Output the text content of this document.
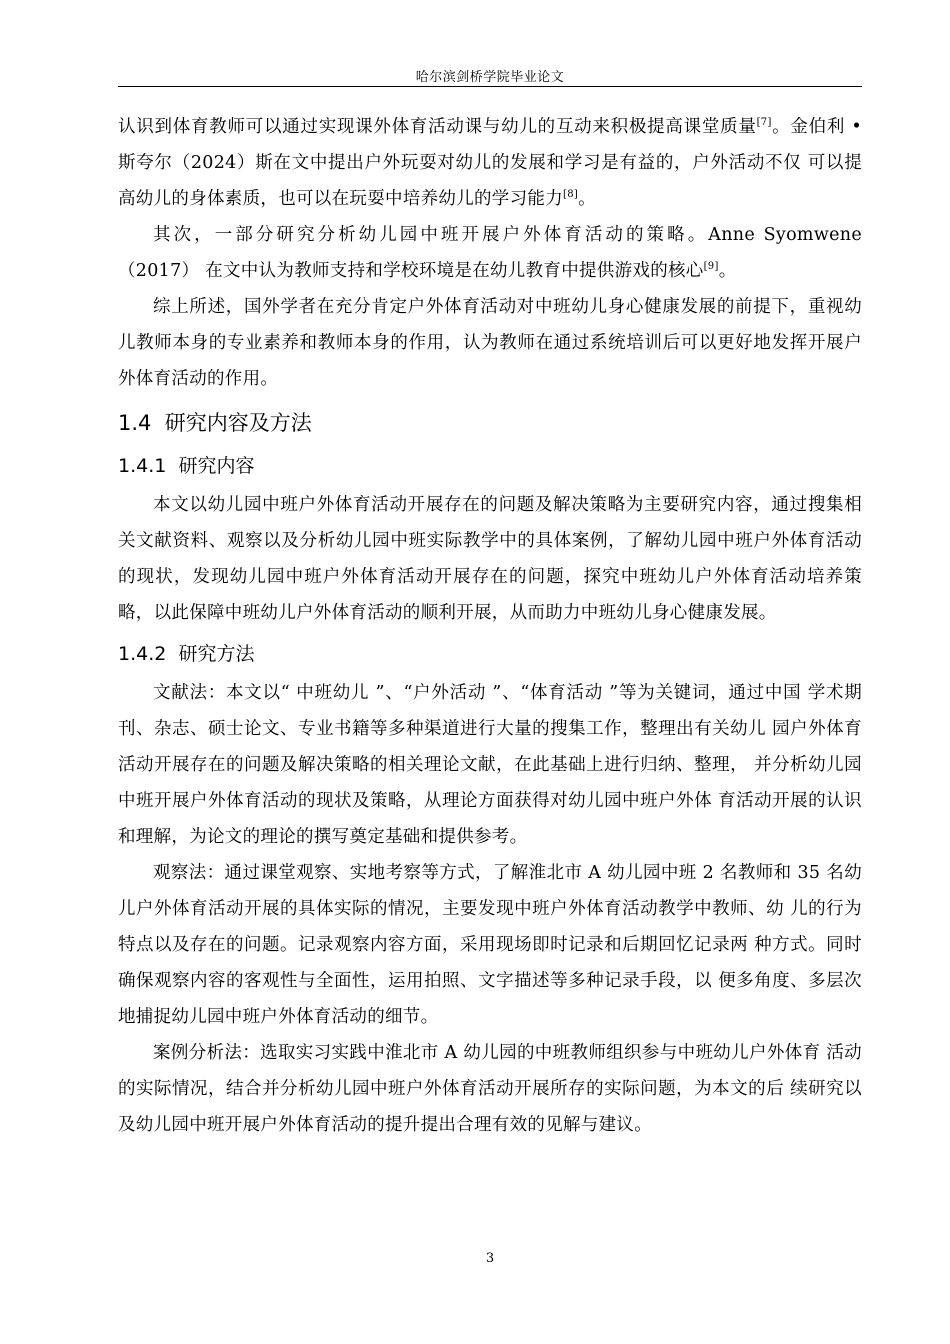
哈尔滨剑桥学院毕业论文

认识到体育教师可以通过实现课外体育活动课与幼儿的互动来积极提高课堂质量[7]。金伯利 • 斯夸尔（2024）斯在文中提出户外玩耍对幼儿的发展和学习是有益的，户外活动不仅 可以提高幼儿的身体素质，也可以在玩耍中培养幼儿的学习能力[8]。

其次，一部分研究分析幼儿园中班开展户外体育活动的策略。Anne Syomwene（2017） 在文中认为教师支持和学校环境是在幼儿教育中提供游戏的核心[9]。

综上所述，国外学者在充分肯定户外体育活动对中班幼儿身心健康发展的前提下，重视幼儿教师本身的专业素养和教师本身的作用，认为教师在通过系统培训后可以更好地发挥开展户外体育活动的作用。

1.4 研究内容及方法
1.4.1 研究内容

本文以幼儿园中班户外体育活动开展存在的问题及解决策略为主要研究内容，通过搜集相关文献资料、观察以及分析幼儿园中班实际教学中的具体案例，了解幼儿园中班户外体育活动的现状，发现幼儿园中班户外体育活动开展存在的问题，探究中班幼儿户外体育活动培养策略，以此保障中班幼儿户外体育活动的顺利开展，从而助力中班幼儿身心健康发展。

1.4.2 研究方法

文献法：本文以“ 中班幼儿 ”、“户外活动 ”、“体育活动 ”等为关键词，通过中国 学术期刊、杂志、硕士论文、专业书籍等多种渠道进行大量的搜集工作，整理出有关幼儿 园户外体育活动开展存在的问题及解决策略的相关理论文献，在此基础上进行归纳、整理， 并分析幼儿园中班开展户外体育活动的现状及策略，从理论方面获得对幼儿园中班户外体 育活动开展的认识和理解，为论文的理论的撰写奠定基础和提供参考。

观察法：通过课堂观察、实地考察等方式，了解淮北市 A 幼儿园中班 2 名教师和 35 名幼儿户外体育活动开展的具体实际的情况，主要发现中班户外体育活动教学中教师、幼 儿的行为特点以及存在的问题。记录观察内容方面，采用现场即时记录和后期回忆记录两 种方式。同时确保观察内容的客观性与全面性，运用拍照、文字描述等多种记录手段，以 便多角度、多层次地捕捉幼儿园中班户外体育活动的细节。

案例分析法：选取实习实践中淮北市 A 幼儿园的中班教师组织参与中班幼儿户外体育 活动的实际情况，结合并分析幼儿园中班户外体育活动开展所存的实际问题，为本文的后 续研究以及幼儿园中班开展户外体育活动的提升提出合理有效的见解与建议。

3
